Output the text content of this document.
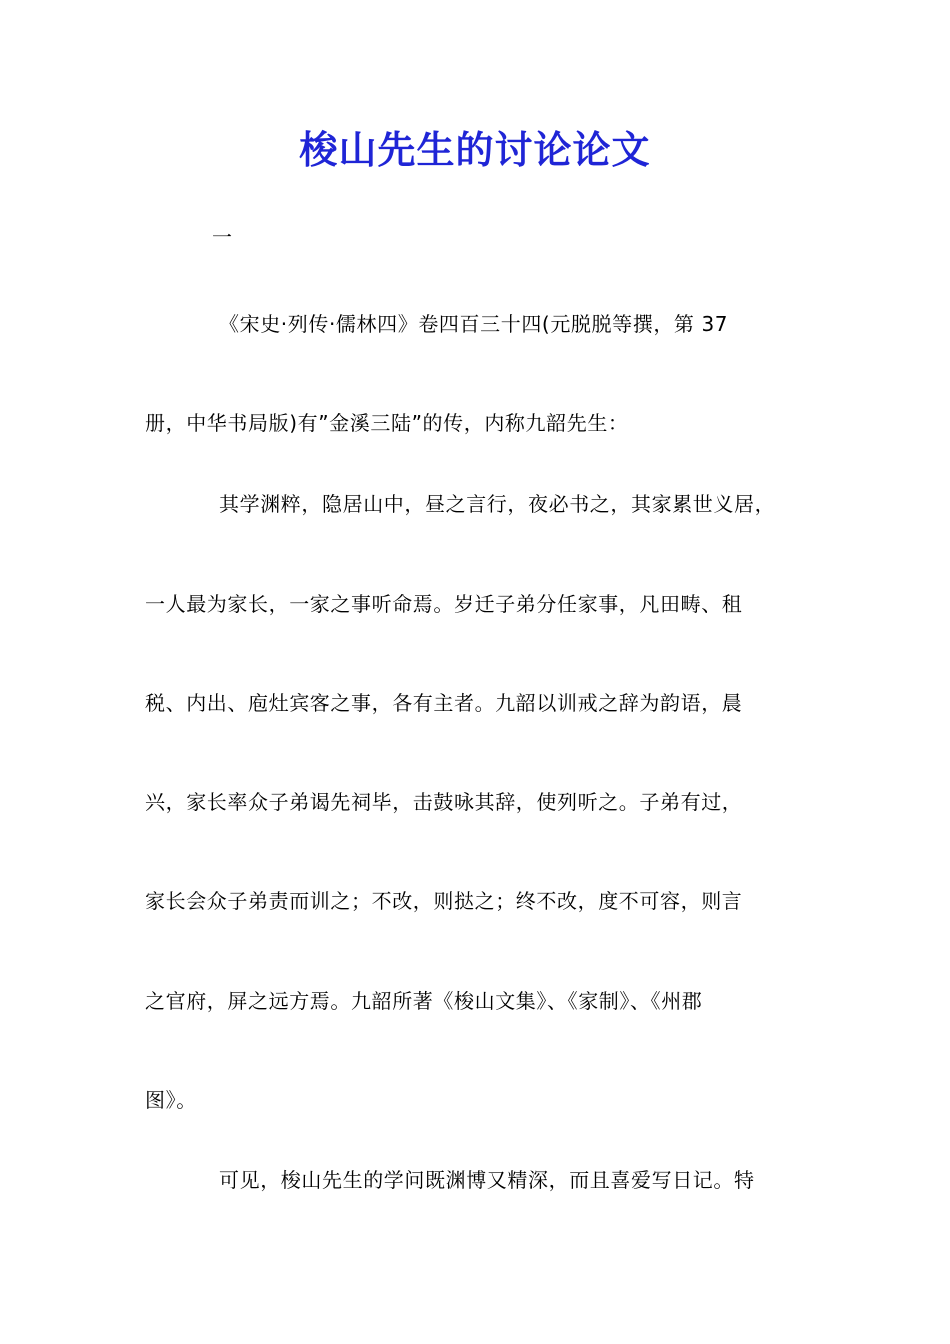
梭山先生的讨论论文
一
《宋史·列传·儒林四》卷四百三十四(元脱脱等撰，第 37
册，中华书局版)有”金溪三陆”的传，内称九韶先生：
其学渊粹，隐居山中，昼之言行，夜必书之，其家累世义居，
一人最为家长，一家之事听命焉。岁迁子弟分任家事，凡田畴、租
税、内出、庖灶宾客之事，各有主者。九韶以训戒之辞为韵语，晨
兴，家长率众子弟谒先祠毕，击鼓咏其辞，使列听之。子弟有过，
家长会众子弟责而训之；不改，则挞之；终不改，度不可容，则言
之官府，屏之远方焉。九韶所著《梭山文集》、《家制》、《州郡
图》。
可见，梭山先生的学问既渊博又精深，而且喜爱写日记。特
